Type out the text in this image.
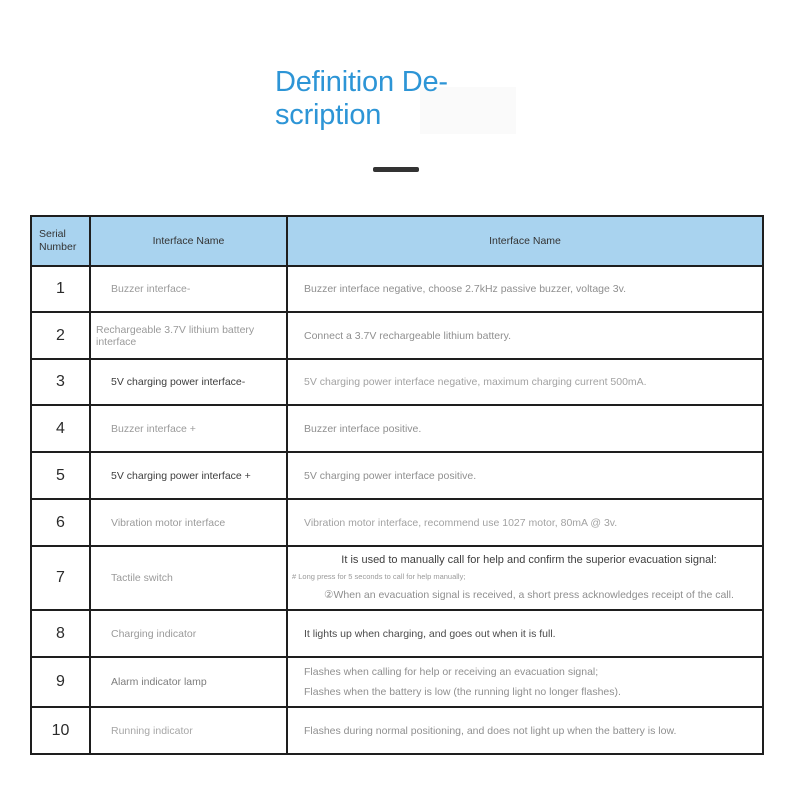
Definition De-
scription
Serial Number	Interface Name	Interface Name
1	Buzzer interface-	Buzzer interface negative, choose 2.7kHz passive buzzer, voltage 3v.

2	Rechargeable 3.7V lithium battery interface	Connect a 3.7V rechargeable lithium battery.

3	5V charging power interface-	5V charging power interface negative, maximum charging current 500mA.

4	Buzzer interface +	Buzzer interface positive.

5	5V charging power interface +	5V charging power interface positive.

6	Vibration motor interface	Vibration motor interface, recommend use 1027 motor, 80mA @ 3v.

7	Tactile switch	It is used to manually call for help and confirm the superior evacuation signal:
# Long press for 5 seconds to call for help manually;
②When an evacuation signal is received, a short press acknowledges receipt of the call.

8	Charging indicator	It lights up when charging, and goes out when it is full.

9	Alarm indicator lamp	Flashes when calling for help or receiving an evacuation signal;
Flashes when the battery is low (the running light no longer flashes).

10	Running indicator	Flashes during normal positioning, and does not light up when the battery is low.
